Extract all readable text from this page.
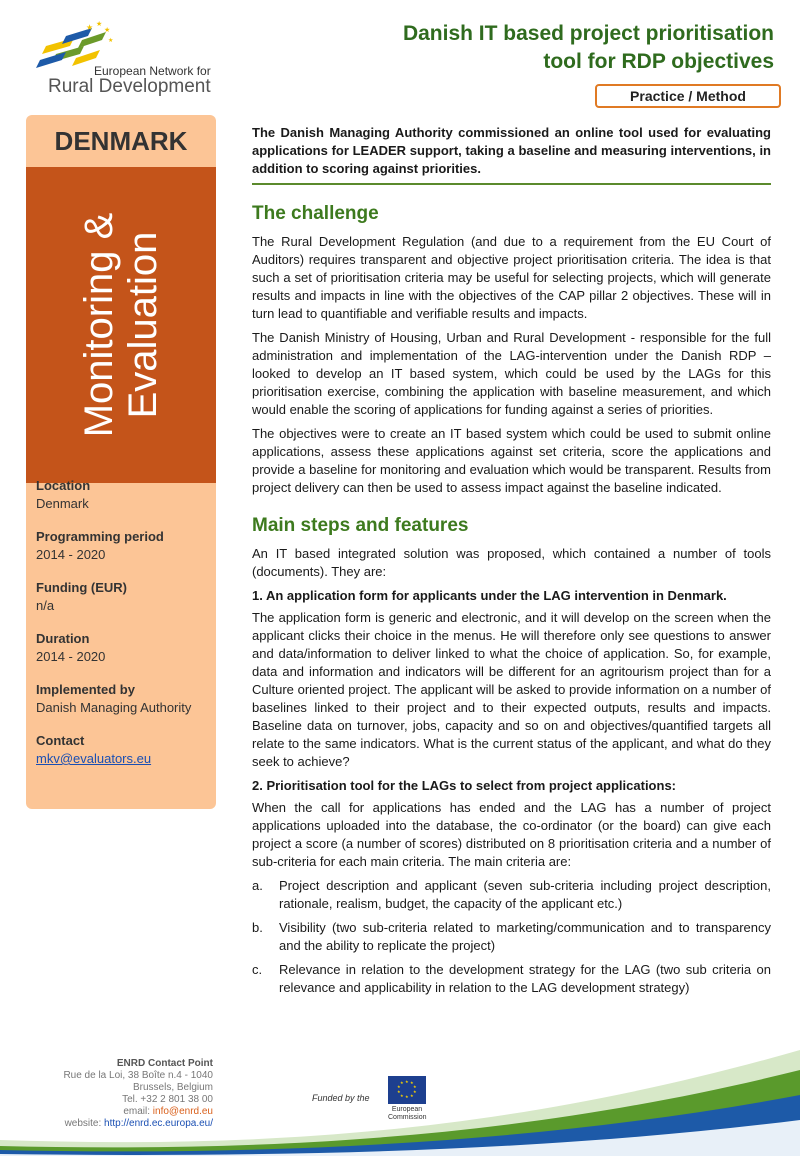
★ ★
★
★
European Network for
Rural Development
Danish IT based project prioritisation
tool for RDP objectives
Practice / Method
DENMARK
Monitoring & Evaluation
Location
Denmark
Programming period
2014 - 2020
Funding (EUR)
n/a
Duration
2014 - 2020
Implemented by
Danish Managing Authority
Contact
mkv@evaluators.eu
The Danish Managing Authority commissioned an online tool used for evaluating applications for LEADER support, taking a baseline and measuring interventions, in addition to scoring against priorities.
The challenge

The Rural Development Regulation (and due to a requirement from the EU Court of Auditors) requires transparent and objective project prioritisation criteria. The idea is that such a set of prioritisation criteria may be useful for selecting projects, which will generate results and impacts in line with the objectives of the CAP pillar 2 objectives. These will in turn lead to quantifiable and verifiable results and impacts.

The Danish Ministry of Housing, Urban and Rural Development - responsible for the full administration and implementation of the LAG-intervention under the Danish RDP – looked to develop an IT based system, which could be used by the LAGs for this prioritisation exercise, combining the application with baseline measurement, and which would enable the scoring of applications for funding against a series of priorities.

The objectives were to create an IT based system which could be used to submit online applications, assess these applications against set criteria, score the applications and provide a baseline for monitoring and evaluation which would be transparent. Results from project delivery can then be used to assess impact against the baseline indicated.

Main steps and features

An IT based integrated solution was proposed, which contained a number of tools (documents). They are:

1. An application form for applicants under the LAG intervention in Denmark.

The application form is generic and electronic, and it will develop on the screen when the applicant clicks their choice in the menus. He will therefore only see questions to answer and data/information to deliver linked to what the choice of application. So, for example, data and information and indicators will be different for an agritourism project than for a Culture oriented project. The applicant will be asked to provide information on a number of baselines linked to their project and to their expected outputs, results and impacts. Baseline data on turnover, jobs, capacity and so on and objectives/quantified targets all relate to the same indicators. What is the current status of the applicant, and what do they seek to achieve?

2. Prioritisation tool for the LAGs to select from project applications:

When the call for applications has ended and the LAG has a number of project applications uploaded into the database, the co-ordinator (or the board) can give each project a score (a number of scores) distributed on 8 prioritisation criteria and a number of sub-criteria for each main criteria. The main criteria are:

a.	Project description and applicant (seven sub-criteria including project description, rationale, realism, budget, the capacity of the applicant etc.)
b.	Visibility (two sub-criteria related to marketing/communication and to transparency and the ability to replicate the project)
c.	Relevance in relation to the development strategy for the LAG (two sub criteria on relevance and applicability in relation to the LAG development strategy)
ENRD Contact Point
Rue de la Loi, 38 Boîte n.4 - 1040
Brussels, Belgium
Tel. +32 2 801 38 00
email: info@enrd.eu
website: http://enrd.ec.europa.eu/
Funded by the
★ ★
★
★
★
★
★
★
★
★
European
Commission
